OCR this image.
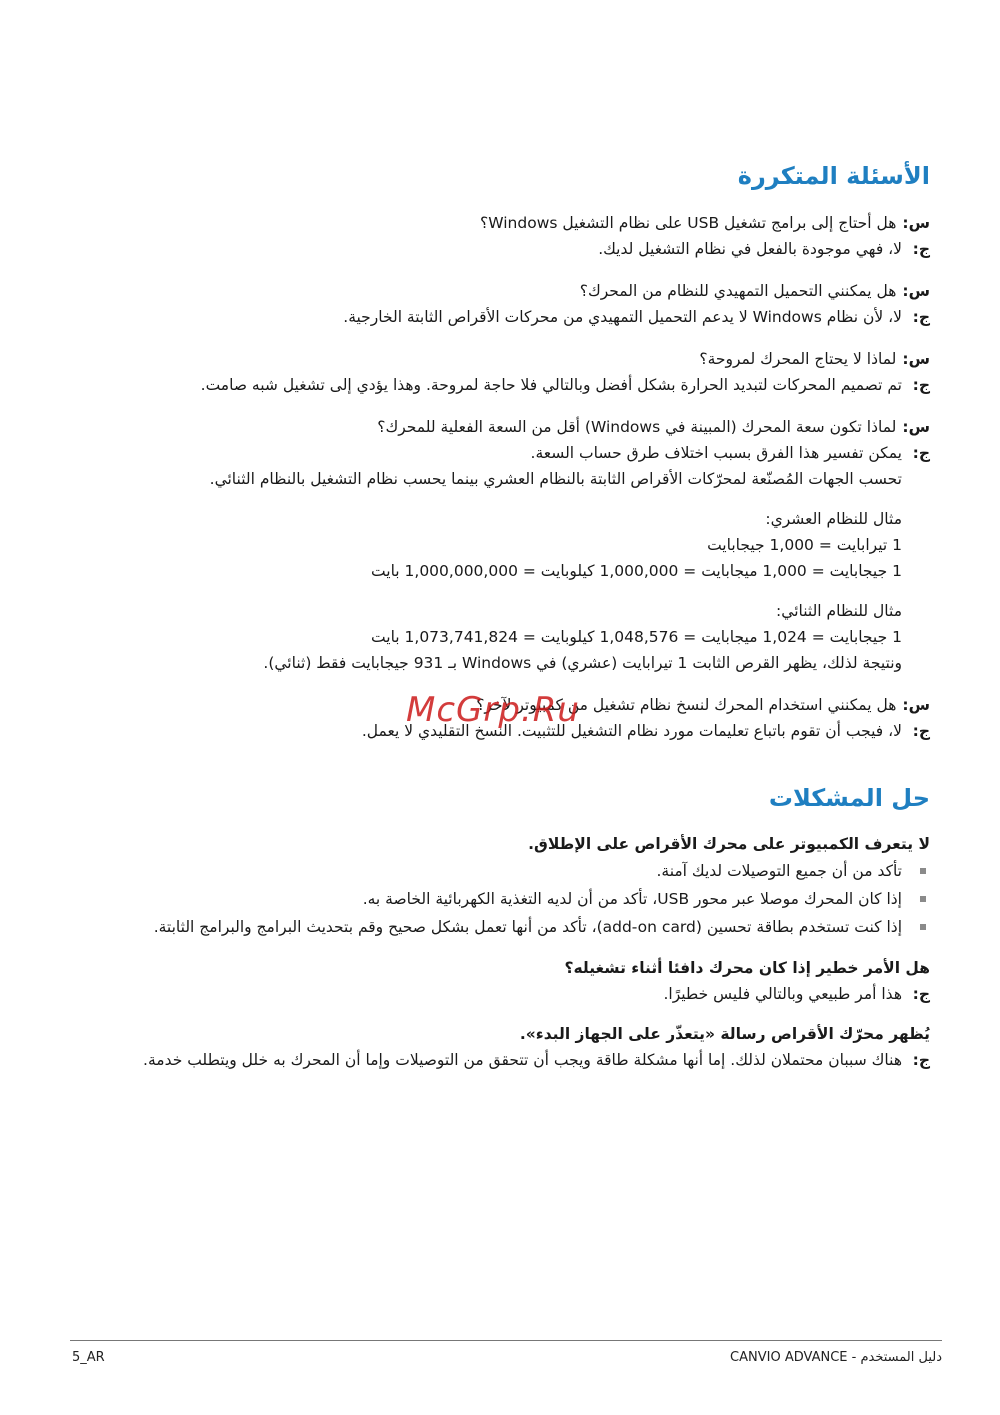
الأسئلة المتكررة
س:هل أحتاج إلى برامج تشغيل USB على نظام التشغيل Windows؟
ج:لا، فهي موجودة بالفعل في نظام التشغيل لديك.
س:هل يمكنني التحميل التمهيدي للنظام من المحرك؟
ج:لا، لأن نظام Windows لا يدعم التحميل التمهيدي من محركات الأقراص الثابتة الخارجية.
س:لماذا لا يحتاج المحرك لمروحة؟
ج:تم تصميم المحركات لتبديد الحرارة بشكل أفضل وبالتالي فلا حاجة لمروحة. وهذا يؤدي إلى تشغيل شبه صامت.
س:لماذا تكون سعة المحرك (المبينة في Windows) أقل من السعة الفعلية للمحرك؟
ج:يمكن تفسير هذا الفرق بسبب اختلاف طرق حساب السعة.
تحسب الجهات المُصنّعة لمحرّكات الأقراص الثابتة بالنظام العشري بينما يحسب نظام التشغيل بالنظام الثنائي.
مثال للنظام العشري:
1 تيرابايت = 1,000 جيجابايت
1 جيجابايت = 1,000 ميجابايت = 1,000,000 كيلوبايت = 1,000,000,000 بايت
مثال للنظام الثنائي:
1 جيجابايت = 1,024 ميجابايت = 1,048,576 كيلوبايت = 1,073,741,824 بايت
ونتيجة لذلك، يظهر القرص الثابت 1 تيرابايت (عشري) في Windows بـ 931 جيجابايت فقط (ثنائي).
س:هل يمكنني استخدام المحرك لنسخ نظام تشغيل من كمبيوتر لآخر؟
ج:لا، فيجب أن تقوم باتباع تعليمات مورد نظام التشغيل للتثبيت. النسخ التقليدي لا يعمل.
حل المشكلات
لا يتعرف الكمبيوتر على محرك الأقراص على الإطلاق.
تأكد من أن جميع التوصيلات لديك آمنة.
إذا كان المحرك موصلا عبر محور USB، تأكد من أن لديه التغذية الكهربائية الخاصة به.
إذا كنت تستخدم بطاقة تحسين (add-on card)، تأكد من أنها تعمل بشكل صحيح وقم بتحديث البرامج والبرامج الثابتة.
هل الأمر خطير إذا كان محرك دافئا أثناء تشغيله؟
ج:هذا أمر طبيعي وبالتالي فليس خطيرًا.
يُظهر محرّك الأقراص رسالة «يتعذّر على الجهاز البدء».
ج:هناك سببان محتملان لذلك. إما أنها مشكلة طاقة ويجب أن تتحقق من التوصيلات وإما أن المحرك به خلل ويتطلب خدمة.
McGrp.Ru
5_AR	دليل المستخدم - CANVIO ADVANCE
